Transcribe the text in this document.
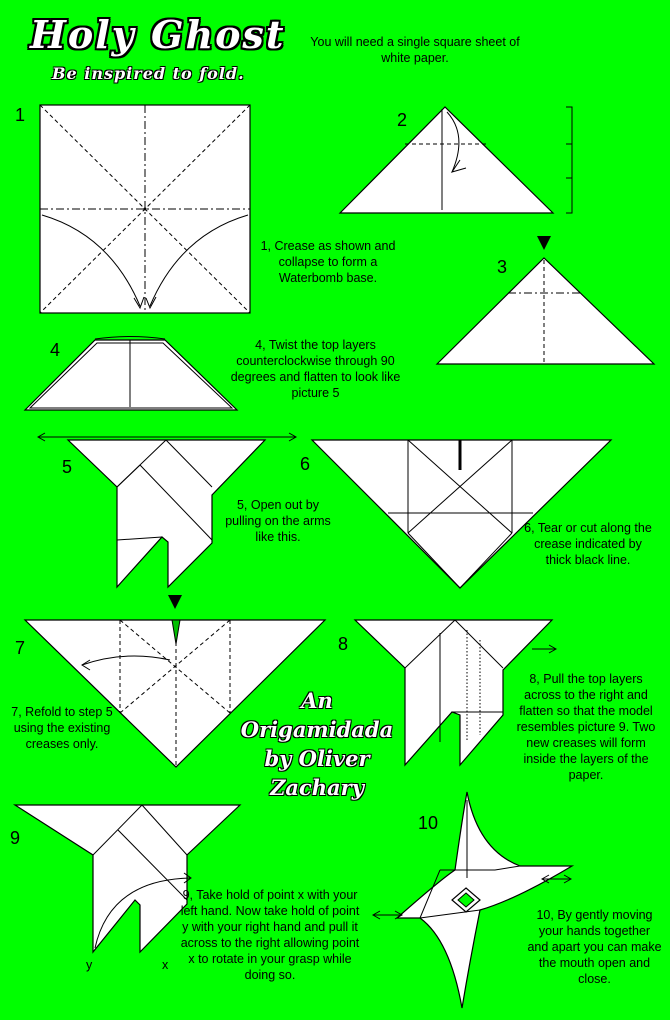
Holy Ghost
Be inspired to fold.
You will need a single square sheet of white paper.
1	2
3
4
5	6
7	8
9
10
1, Crease as shown and collapse to form a Waterbomb base.
4, Twist the top layers counterclockwise through 90 degrees and flatten to look like picture 5
5, Open out by pulling on the arms like this.
6, Tear or cut along the crease indicated by thick black line.
7, Refold to step 5 using the existing creases only.
8, Pull the top layers across to the right and flatten so that the model resembles picture 9. Two new creases will form inside the layers of the paper.
9, Take hold of point x with your left hand. Now take hold of point y with your right hand and pull it across to the right allowing point x to rotate in your grasp while doing so.
10, By gently moving your hands together and apart you can make the mouth open and close.
y	x
An
Origamidada
by Oliver
Zachary
